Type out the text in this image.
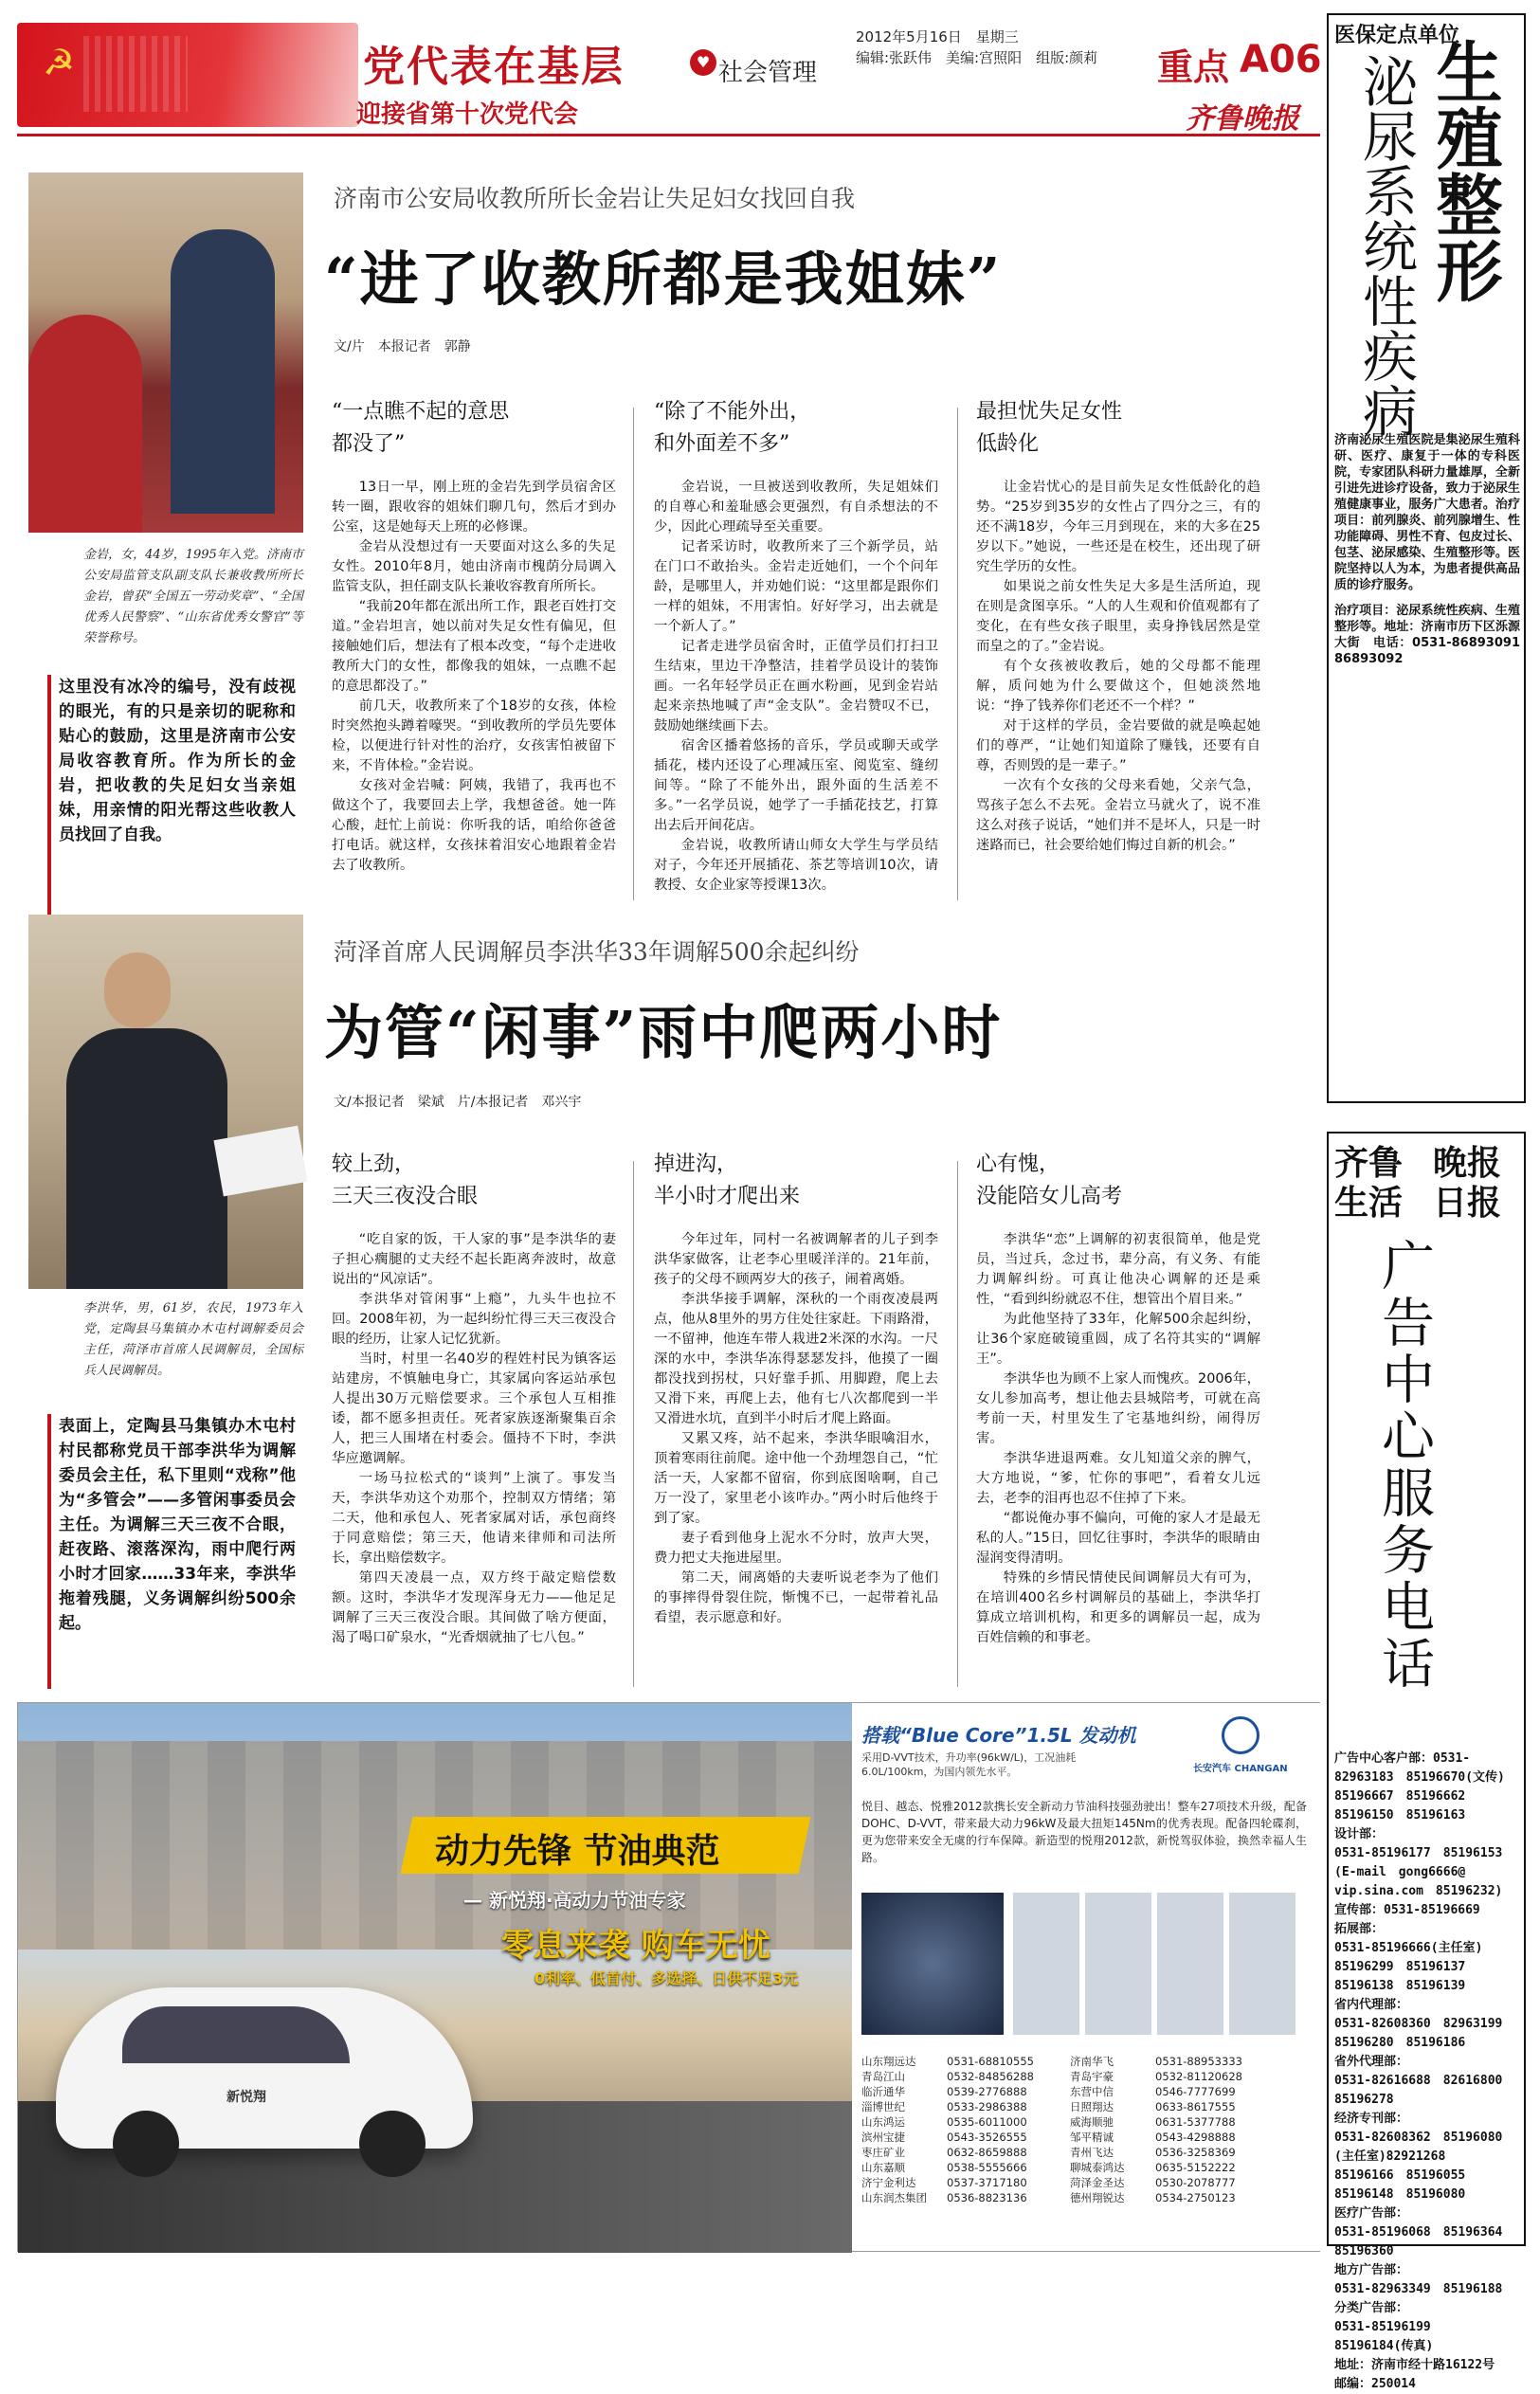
☭	党代表在基层	♥ 社会管理
迎接省第十次党代会
2012年5月16日　星期三
编辑:张跃伟　美编:宫照阳　组版:颜莉 重点 A06
齐鲁晚报
金岩，女，44岁，1995年入党。济南市公安局监管支队副支队长兼收教所所长金岩，曾获“全国五一劳动奖章”、“全国优秀人民警察”、“山东省优秀女警官”等荣誉称号。
这里没有冰冷的编号，没有歧视的眼光，有的只是亲切的昵称和贴心的鼓励，这里是济南市公安局收容教育所。作为所长的金岩，把收教的失足妇女当亲姐妹，用亲情的阳光帮这些收教人员找回了自我。
济南市公安局收教所所长金岩让失足妇女找回自我
“进了收教所都是我姐妹”
文/片　本报记者　郭静
“一点瞧不起的意思
都没了”

13日一早，刚上班的金岩先到学员宿舍区转一圈，跟收容的姐妹们聊几句，然后才到办公室，这是她每天上班的必修课。

金岩从没想过有一天要面对这么多的失足女性。2010年8月，她由济南市槐荫分局调入监管支队，担任副支队长兼收容教育所所长。

“我前20年都在派出所工作，跟老百姓打交道。”金岩坦言，她以前对失足女性有偏见，但接触她们后，想法有了根本改变，“每个走进收教所大门的女性，都像我的姐妹，一点瞧不起的意思都没了。”

前几天，收教所来了个18岁的女孩，体检时突然抱头蹲着嚎哭。“到收教所的学员先要体检，以便进行针对性的治疗，女孩害怕被留下来，不肯体检。”金岩说。

女孩对金岩喊：阿姨，我错了，我再也不做这个了，我要回去上学，我想爸爸。她一阵心酸，赶忙上前说：你听我的话，咱给你爸爸打电话。就这样，女孩抹着泪安心地跟着金岩去了收教所。

“除了不能外出，
和外面差不多”

金岩说，一旦被送到收教所，失足姐妹们的自尊心和羞耻感会更强烈，有自杀想法的不少，因此心理疏导至关重要。

记者采访时，收教所来了三个新学员，站在门口不敢抬头。金岩走近她们，一个个问年龄，是哪里人，并劝她们说：“这里都是跟你们一样的姐妹，不用害怕。好好学习，出去就是一个新人了。”

记者走进学员宿舍时，正值学员们打扫卫生结束，里边干净整洁，挂着学员设计的装饰画。一名年轻学员正在画水粉画，见到金岩站起来亲热地喊了声“金支队”。金岩赞叹不已，鼓励她继续画下去。

宿舍区播着悠扬的音乐，学员或聊天或学插花，楼内还设了心理减压室、阅览室、缝纫间等。“除了不能外出，跟外面的生活差不多。”一名学员说，她学了一手插花技艺，打算出去后开间花店。

金岩说，收教所请山师女大学生与学员结对子，今年还开展插花、茶艺等培训10次，请教授、女企业家等授课13次。

最担忧失足女性
低龄化

让金岩忧心的是目前失足女性低龄化的趋势。“25岁到35岁的女性占了四分之三，有的还不满18岁，今年三月到现在，来的大多在25岁以下。”她说，一些还是在校生，还出现了研究生学历的女性。

如果说之前女性失足大多是生活所迫，现在则是贪图享乐。“人的人生观和价值观都有了变化，在有些女孩子眼里，卖身挣钱居然是堂而皇之的了。”金岩说。

有个女孩被收教后，她的父母都不能理解，质问她为什么要做这个，但她淡然地说：“挣了钱养你们老还不一个样？”

对于这样的学员，金岩要做的就是唤起她们的尊严，“让她们知道除了赚钱，还要有自尊，否则毁的是一辈子。”

一次有个女孩的父母来看她，父亲气急，骂孩子怎么不去死。金岩立马就火了，说不准这么对孩子说话，“她们并不是坏人，只是一时迷路而已，社会要给她们悔过自新的机会。”

李洪华，男，61岁，农民，1973年入党，定陶县马集镇办木屯村调解委员会主任，菏泽市首席人民调解员，全国标兵人民调解员。
表面上，定陶县马集镇办木屯村村民都称党员干部李洪华为调解委员会主任，私下里则“戏称”他为“多管会”——多管闲事委员会主任。为调解三天三夜不合眼，赶夜路、滚落深沟，雨中爬行两小时才回家……33年来，李洪华拖着残腿，义务调解纠纷500余起。
菏泽首席人民调解员李洪华33年调解500余起纠纷
为管“闲事”雨中爬两小时
文/本报记者　梁斌　片/本报记者　邓兴宇
较上劲，
三天三夜没合眼

“吃自家的饭，干人家的事”是李洪华的妻子担心瘸腿的丈夫经不起长距离奔波时，故意说出的“风凉话”。

李洪华对管闲事“上瘾”，九头牛也拉不回。2008年初，为一起纠纷忙得三天三夜没合眼的经历，让家人记忆犹新。

当时，村里一名40岁的程姓村民为镇客运站建房，不慎触电身亡，其家属向客运站承包人提出30万元赔偿要求。三个承包人互相推诿，都不愿多担责任。死者家族逐渐聚集百余人，把三人围堵在村委会。僵持不下时，李洪华应邀调解。

一场马拉松式的“谈判”上演了。事发当天，李洪华劝这个劝那个，控制双方情绪；第二天，他和承包人、死者家属对话，承包商终于同意赔偿；第三天，他请来律师和司法所长，拿出赔偿数字。

第四天凌晨一点，双方终于敲定赔偿数额。这时，李洪华才发现浑身无力——他足足调解了三天三夜没合眼。其间做了啥方便面，渴了喝口矿泉水，“光香烟就抽了七八包。”

掉进沟，
半小时才爬出来

今年过年，同村一名被调解者的儿子到李洪华家做客，让老李心里暖洋洋的。21年前，孩子的父母不顾两岁大的孩子，闹着离婚。

李洪华接手调解，深秋的一个雨夜凌晨两点，他从8里外的男方住处往家赶。下雨路滑，一不留神，他连车带人栽进2米深的水沟。一尺深的水中，李洪华冻得瑟瑟发抖，他摸了一圈都没找到拐杖，只好靠手抓、用脚蹬，爬上去又滑下来，再爬上去，他有七八次都爬到一半又滑进水坑，直到半小时后才爬上路面。

又累又疼，站不起来，李洪华眼噙泪水，顶着寒雨往前爬。途中他一个劲埋怨自己，“忙活一天，人家都不留宿，你到底图啥啊，自己万一没了，家里老小该咋办。”两小时后他终于到了家。

妻子看到他身上泥水不分时，放声大哭，费力把丈夫拖进屋里。

第二天，闹离婚的夫妻听说老李为了他们的事摔得骨裂住院，惭愧不已，一起带着礼品看望，表示愿意和好。

心有愧，
没能陪女儿高考

李洪华“恋”上调解的初衷很简单，他是党员，当过兵，念过书，辈分高，有义务、有能力调解纠纷。可真让他决心调解的还是乘性，“看到纠纷就忍不住，想管出个眉目来。”

为此他坚持了33年，化解500余起纠纷，让36个家庭破镜重圆，成了名符其实的“调解王”。

李洪华也为顾不上家人而愧疚。2006年，女儿参加高考，想让他去县城陪考，可就在高考前一天，村里发生了宅基地纠纷，闹得厉害。

李洪华进退两难。女儿知道父亲的脾气，大方地说，“爹，忙你的事吧”，看着女儿远去，老李的泪再也忍不住掉了下来。

“都说俺办事不偏向，可俺的家人才是最无私的人。”15日，回忆往事时，李洪华的眼睛由湿润变得清明。

特殊的乡情民情使民间调解员大有可为，在培训400名乡村调解员的基础上，李洪华打算成立培训机构，和更多的调解员一起，成为百姓信赖的和事老。

医保定点单位
泌尿系统性疾病 生殖整形

济南泌尿生殖医院是集泌尿生殖科研、医疗、康复于一体的专科医院，专家团队科研力量雄厚，全新引进先进诊疗设备，致力于泌尿生殖健康事业，服务广大患者。治疗项目：前列腺炎、前列腺增生、性功能障碍、男性不育、包皮过长、包茎、泌尿感染、生殖整形等。医院坚持以人为本，为患者提供高品质的诊疗服务。

治疗项目：泌尿系统性疾病、生殖整形等。地址：济南市历下区泺源大街　电话：0531-86893091　86893092

齐鲁
生活
晚报
日报
广告中心服务电话
广告中心客户部：0531-82963183　85196670(文传)
85196667　85196662
85196150　85196163
设计部：
0531-85196177　85196153
(E-mail　gong6666@
vip.sina.com　85196232)
宣传部：0531-85196669
拓展部：
0531-85196666(主任室)
85196299　85196137
85196138　85196139
省内代理部：
0531-82608360　82963199
85196280　85196186
省外代理部：
0531-82616688　82616800
85196278
经济专刊部：
0531-82608362　85196080
(主任室)82921268
85196166　85196055
85196148　85196080
医疗广告部：
0531-85196068　85196364
85196360
地方广告部：
0531-82963349　85196188
分类广告部：
0531-85196199
85196184(传真)
地址：济南市经十路16122号
邮编：250014
动力先锋 节油典范
— 新悦翔·高动力节油专家
零息来袭 购车无忧
0利率、低首付、多选择、日供不足3元
新悦翔
搭载“Blue Core”1.5L 发动机
采用D-VVT技术，升功率(96kW/L)，工况油耗6.0L/100km，为国内领先水平。	长安汽车 CHANGAN
悦目、越态、悦雅2012款携长安全新动力节油科技强劲驶出！整车27项技术升级，配备DOHC、D-VVT，带来最大动力96kW及最大扭矩145Nm的优秀表现。配备四轮碟刹，更为您带来安全无虞的行车保障。新造型的悦翔2012款，新悦驾驭体验，换然幸福人生路。
山东翔远达	0531-68810555	济南华飞	0531-88953333
青岛江山	0532-84856288	青岛宇豪	0532-81120628
临沂通华	0539-2776888	东营中信	0546-7777699
淄博世纪	0533-2986388	日照翔达	0633-8617555
山东鸿运	0535-6011000	威海顺驰	0631-5377788
滨州宝捷	0543-3526555	邹平精诚	0543-4298888
枣庄矿业	0632-8659888	青州飞达	0536-3258369
山东嘉顺	0538-5555666	聊城泰鸿达	0635-5152222
济宁金利达	0537-3717180	菏泽金圣达	0530-2078777
山东润杰集团 0536-8823136	德州翔锐达	0534-2750123
